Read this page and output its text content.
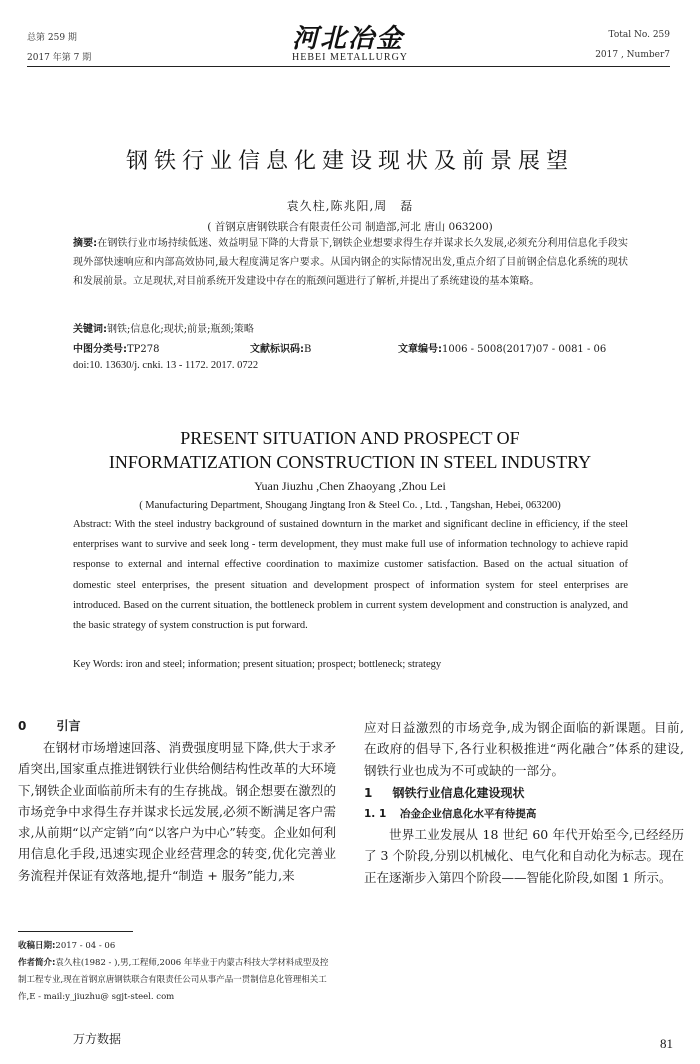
总第 259 期
2017 年第 7 期
河北冶金
HEBEI METALLURGY
Total No. 259
2017 , Number7
钢铁行业信息化建设现状及前景展望
袁久柱,陈兆阳,周　磊
( 首钢京唐钢铁联合有限责任公司 制造部,河北 唐山 063200)
摘要:在钢铁行业市场持续低迷、效益明显下降的大背景下,钢铁企业想要求得生存并谋求长久发展,必须充分利用信息化手段实现外部快速响应和内部高效协同,最大程度满足客户要求。从国内钢企的实际情况出发,重点介绍了目前钢企信息化系统的现状和发展前景。立足现状,对目前系统开发建设中存在的瓶颈问题进行了解析,并提出了系统建设的基本策略。
关键词:钢铁;信息化;现状;前景;瓶颈;策略
中图分类号:TP278	文献标识码:B	文章编号:1006 - 5008(2017)07 - 0081 - 06
doi:10. 13630/j. cnki. 13 - 1172. 2017. 0722
PRESENT SITUATION AND PROSPECT OF
INFORMATIZATION CONSTRUCTION IN STEEL INDUSTRY
Yuan Jiuzhu ,Chen Zhaoyang ,Zhou Lei
( Manufacturing Department, Shougang Jingtang Iron & Steel Co. , Ltd. , Tangshan, Hebei, 063200)
Abstract: With the steel industry background of sustained downturn in the market and significant decline in efficiency, if the steel enterprises want to survive and seek long - term development, they must make full use of information technology to achieve rapid response to external and internal effective coordination to maximize customer satisfaction. Based on the actual situation of domestic steel enterprises, the present situation and development prospect of information system for steel enterprises are introduced. Based on the current situation, the bottleneck problem in current system development and construction is analyzed, and the basic strategy of system construction is put forward.
Key Words: iron and steel; information; present situation; prospect; bottleneck; strategy
0	引言
在钢材市场增速回落、消费强度明显下降,供大于求矛盾突出,国家重点推进钢铁行业供给侧结构性改革的大环境下,钢铁企业面临前所未有的生存挑战。钢企想要在激烈的市场竞争中求得生存并谋求长远发展,必须不断满足客户需求,从前期“以产定销”向“以客户为中心”转变。企业如何利用信息化手段,迅速实现企业经营理念的转变,优化完善业务流程并保证有效落地,提升“制造 + 服务”能力,来
收稿日期:2017 - 04 - 06
作者简介:袁久柱(1982 - ),男,工程师,2006 年毕业于内蒙古科技大学材料成型及控制工程专业,现在首钢京唐钢铁联合有限责任公司从事产品一贯制信息化管理相关工作,E - mail:y_jiuzhu@ sgjt-steel. com
应对日益激烈的市场竞争,成为钢企面临的新课题。目前,在政府的倡导下,各行业积极推进“两化融合”体系的建设,钢铁行业也成为不可或缺的一部分。
1 钢铁行业信息化建设现状
1. 1 冶金企业信息化水平有待提高
世界工业发展从 18 世纪 60 年代开始至今,已经经历了 3 个阶段,分别以机械化、电气化和自动化为标志。现在正在逐渐步入第四个阶段——智能化阶段,如图 1 所示。
万方数据	81
